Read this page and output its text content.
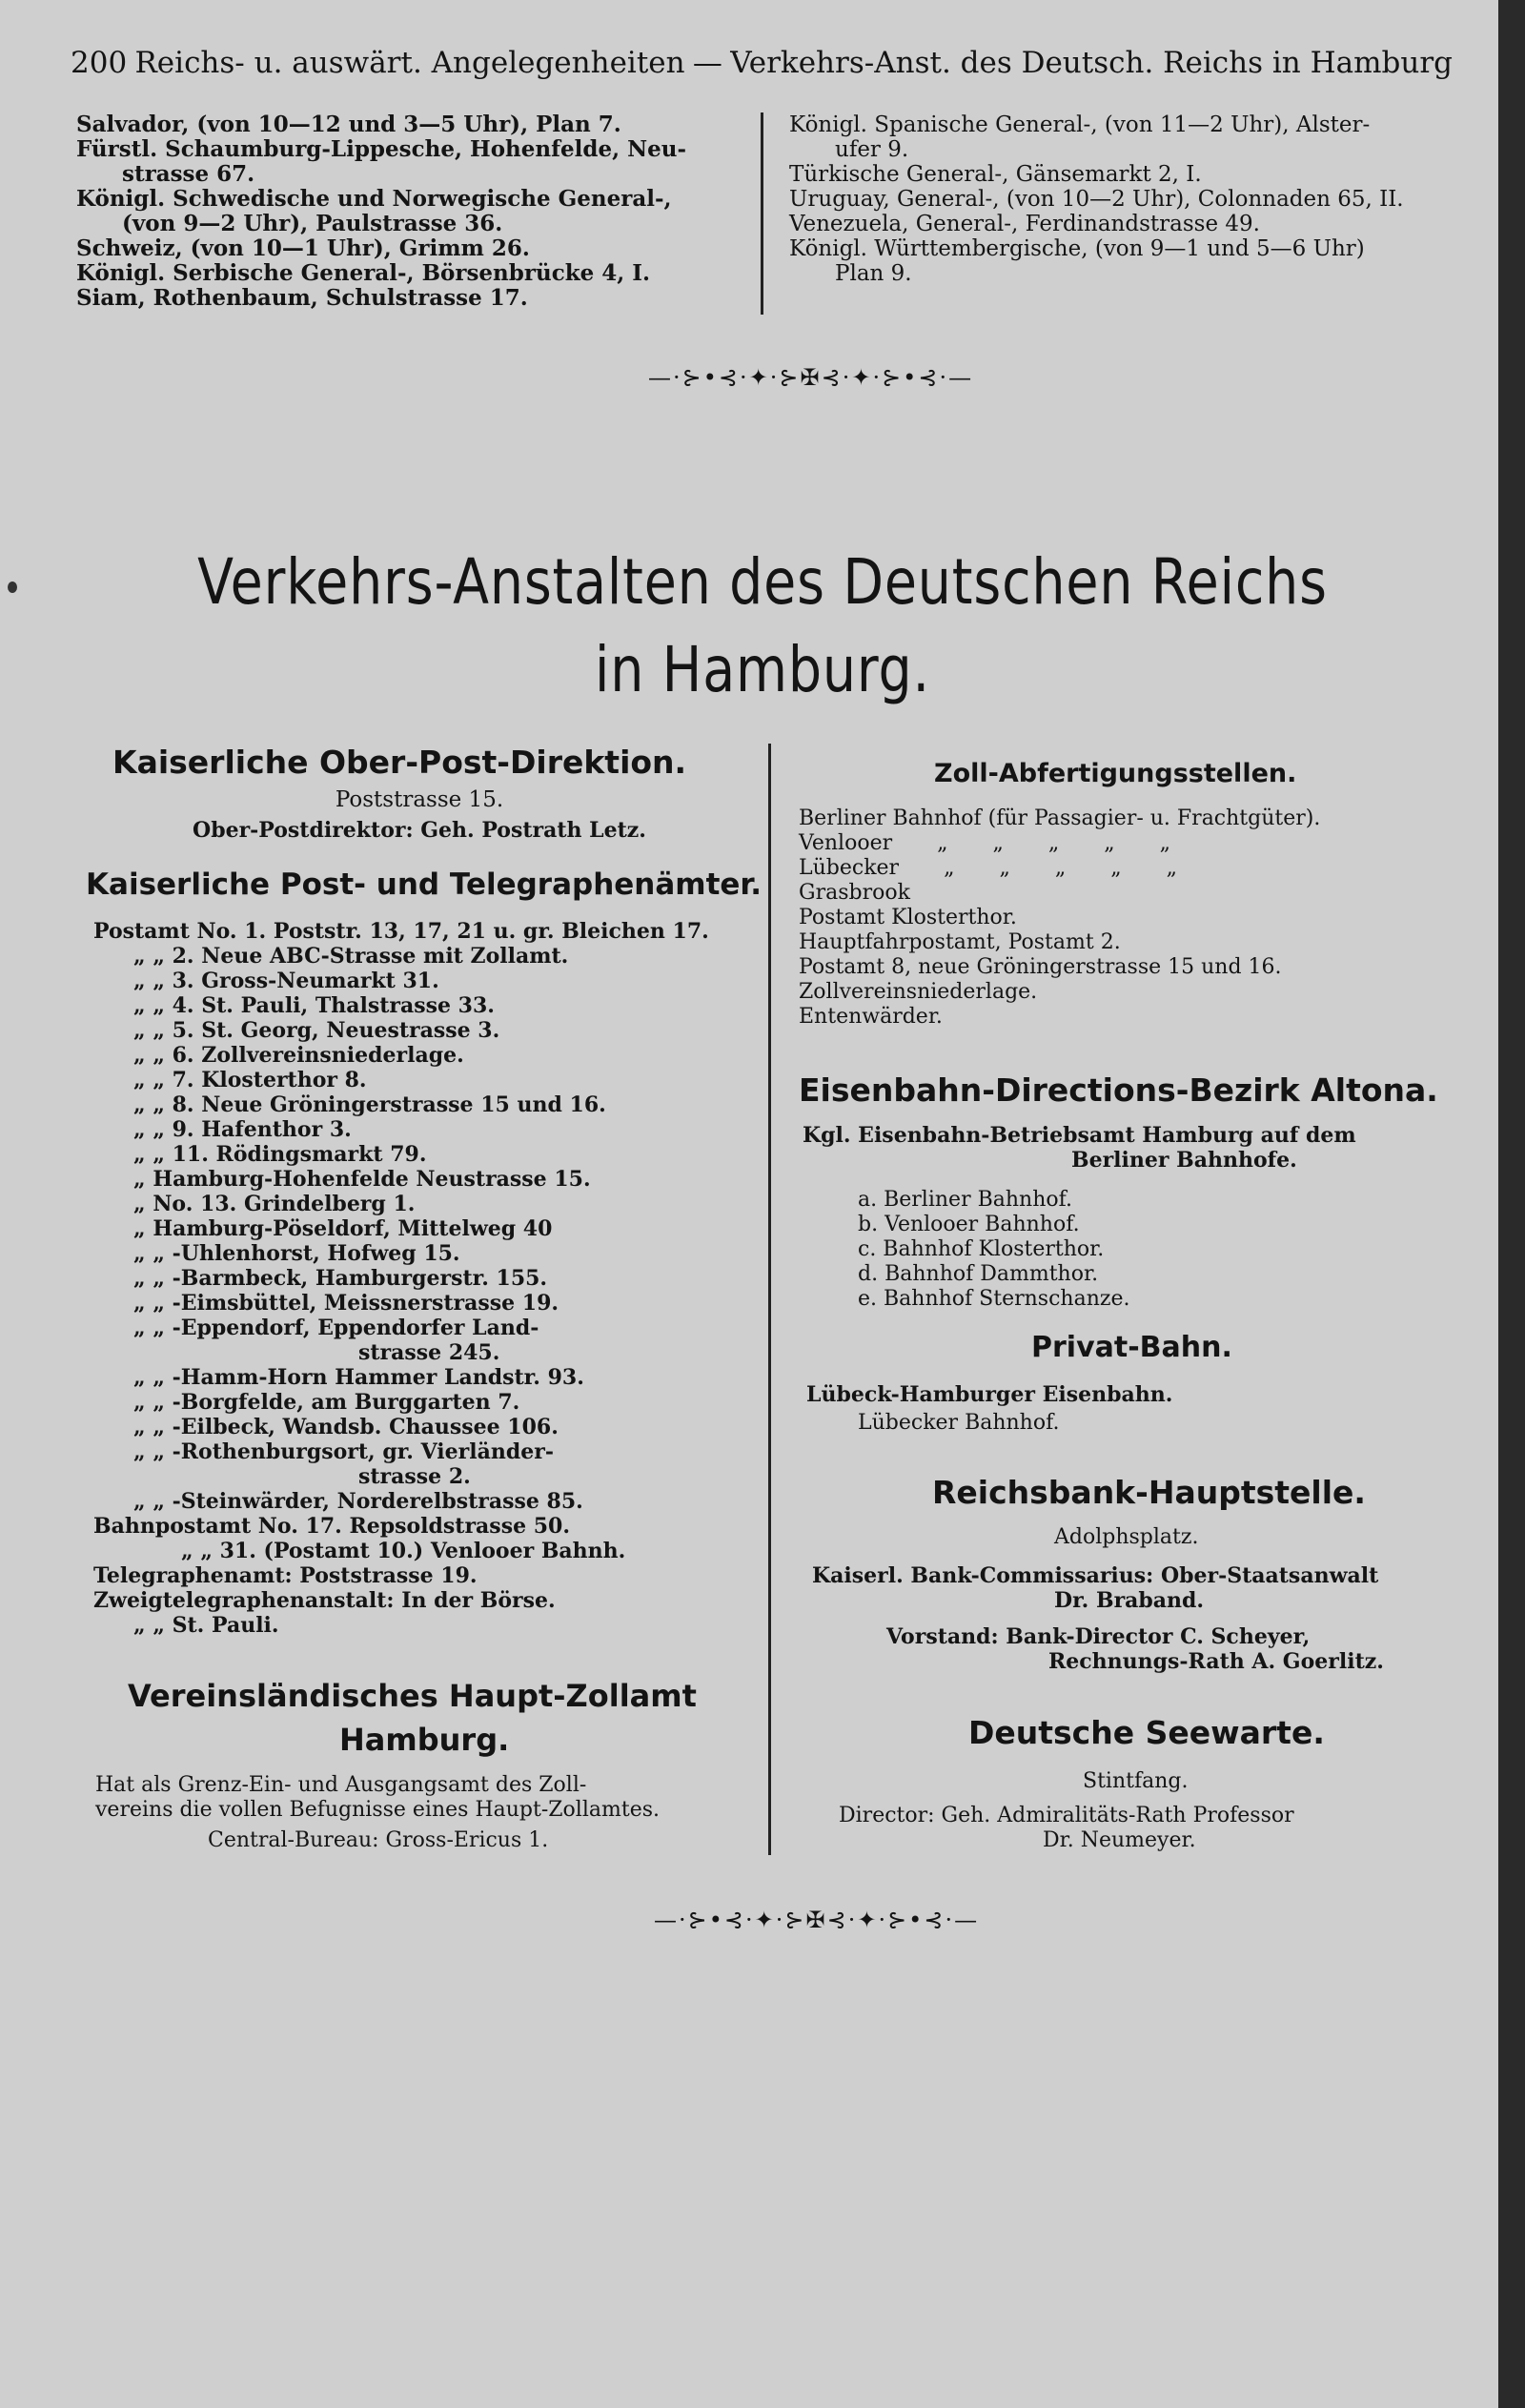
200 Reichs- u. auswärt. Angelegenheiten — Verkehrs-Anst. des Deutsch. Reichs in Hamburg
Salvador, (von 10—12 und 3—5 Uhr), Plan 7.
Fürstl. Schaumburg-Lippesche, Hohenfelde, Neu-
strasse 67.
Königl. Schwedische und Norwegische General-,
(von 9—2 Uhr), Paulstrasse 36.
Schweiz, (von 10—1 Uhr), Grimm 26.
Königl. Serbische General-, Börsenbrücke 4, I.
Siam, Rothenbaum, Schulstrasse 17.
Königl. Spanische General-, (von 11—2 Uhr), Alster-
ufer 9.
Türkische General-, Gänsemarkt 2, I.
Uruguay, General-, (von 10—2 Uhr), Colonnaden 65, II.
Venezuela, General-, Ferdinandstrasse 49.
Königl. Württembergische, (von 9—1 und 5—6 Uhr)
Plan 9.
—·⊱•⊰·✦·⊱✠⊰·✦·⊱•⊰·—
Verkehrs-Anstalten des Deutschen Reichs
in Hamburg.
Kaiserliche Ober-Post-Direktion.
Poststrasse 15.
Ober-Postdirektor: Geh. Postrath Letz.
Kaiserliche Post- und Telegraphenämter.
Postamt No. 1. Poststr. 13, 17, 21 u. gr. Bleichen 17.
„ „ 2. Neue ABC-Strasse mit Zollamt.
„ „ 3. Gross-Neumarkt 31.
„ „ 4. St. Pauli, Thalstrasse 33.
„ „ 5. St. Georg, Neuestrasse 3.
„ „ 6. Zollvereinsniederlage.
„ „ 7. Klosterthor 8.
„ „ 8. Neue Gröningerstrasse 15 und 16.
„ „ 9. Hafenthor 3.
„ „ 11. Rödingsmarkt 79.
„ Hamburg-Hohenfelde Neustrasse 15.
„ No. 13. Grindelberg 1.
„ Hamburg-Pöseldorf, Mittelweg 40
„ „ -Uhlenhorst, Hofweg 15.
„ „ -Barmbeck, Hamburgerstr. 155.
„ „ -Eimsbüttel, Meissnerstrasse 19.
„ „ -Eppendorf, Eppendorfer Land-
strasse 245.
„ „ -Hamm-Horn Hammer Landstr. 93.
„ „ -Borgfelde, am Burggarten 7.
„ „ -Eilbeck, Wandsb. Chaussee 106.
„ „ -Rothenburgsort, gr. Vierländer-
strasse 2.
„ „ -Steinwärder, Norderelbstrasse 85.
Bahnpostamt No. 17. Repsoldstrasse 50.
„ „ 31. (Postamt 10.) Venlooer Bahnh.
Telegraphenamt: Poststrasse 19.
Zweigtelegraphenanstalt: In der Börse.
„ „ St. Pauli.
Vereinsländisches Haupt-Zollamt
Hamburg.
Hat als Grenz-Ein- und Ausgangsamt des Zoll-
vereins die vollen Befugnisse eines Haupt-Zollamtes.
Central-Bureau: Gross-Ericus 1.
Zoll-Abfertigungsstellen.
Berliner Bahnhof (für Passagier- u. Frachtgüter).
Venlooer „ „ „ „ „
Lübecker „ „ „ „ „
Grasbrook
Postamt Klosterthor.
Hauptfahrpostamt, Postamt 2.
Postamt 8, neue Gröningerstrasse 15 und 16.
Zollvereinsniederlage.
Entenwärder.
Eisenbahn-Directions-Bezirk Altona.
Kgl. Eisenbahn-Betriebsamt Hamburg auf dem
Berliner Bahnhofe.
a. Berliner Bahnhof.
b. Venlooer Bahnhof.
c. Bahnhof Klosterthor.
d. Bahnhof Dammthor.
e. Bahnhof Sternschanze.
Privat-Bahn.
Lübeck-Hamburger Eisenbahn.
Lübecker Bahnhof.
Reichsbank-Hauptstelle.
Adolphsplatz.
Kaiserl. Bank-Commissarius: Ober-Staatsanwalt
Dr. Braband.
Vorstand: Bank-Director C. Scheyer,
Rechnungs-Rath A. Goerlitz.
Deutsche Seewarte.
Stintfang.
Director: Geh. Admiralitäts-Rath Professor
Dr. Neumeyer.
—·⊱•⊰·✦·⊱✠⊰·✦·⊱•⊰·—
